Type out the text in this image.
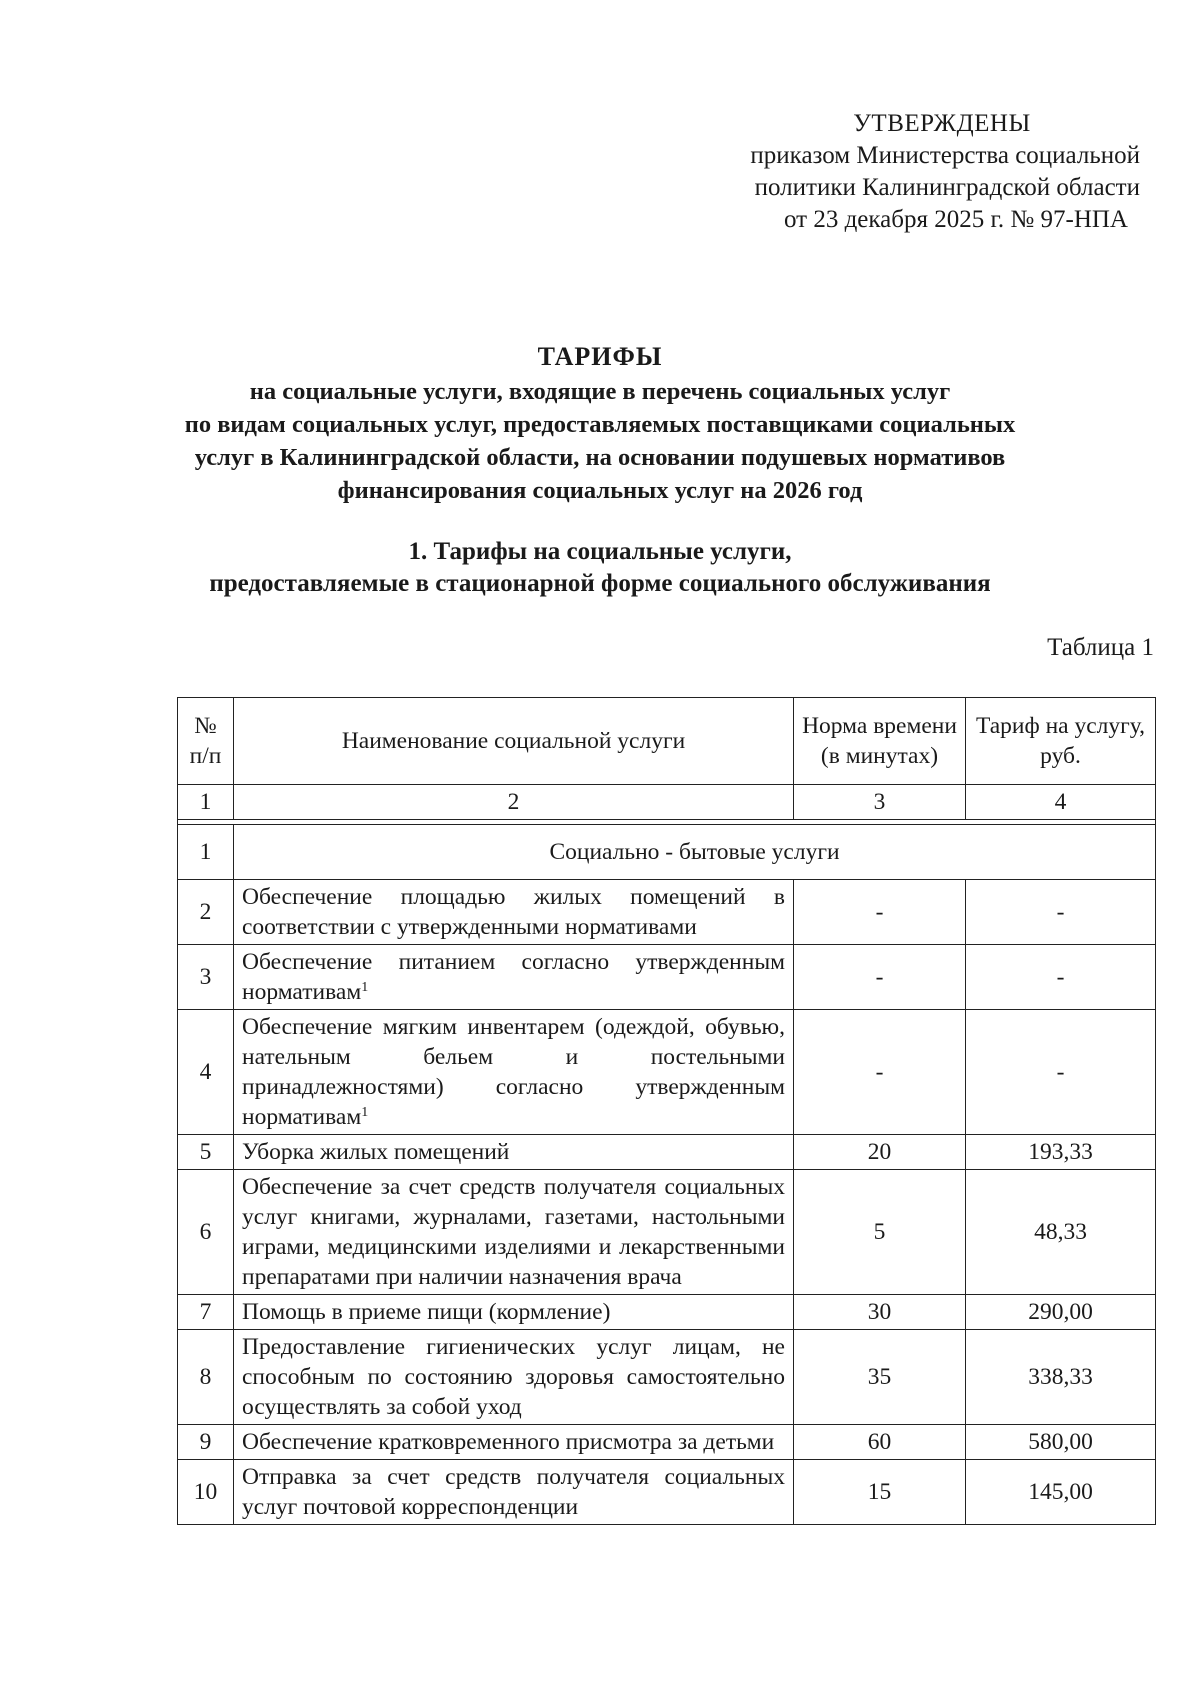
УТВЕРЖДЕНЫ
приказом Министерства социальной
политики Калининградской области
от 23 декабря 2025 г. № 97-НПА
ТАРИФЫ
на социальные услуги, входящие в перечень социальных услуг
по видам социальных услуг, предоставляемых поставщиками социальных
услуг в Калининградской области, на основании подушевых нормативов
финансирования социальных услуг на 2026 год
1. Тарифы на социальные услуги,
предоставляемые в стационарной форме социального обслуживания
Таблица 1
№ п/п	Наименование социальной услуги	Норма времени (в минутах)	Тариф на услугу, руб.
1	2	3	4

1	Социально - бытовые услуги		
2	Обеспечение площадью жилых помещений в соответствии с утвержденными нормативами	-	-
3	Обеспечение питанием согласно утвержденным нормативам$^1$	-	-
4	Обеспечение мягким инвентарем (одеждой, обувью, нательным бельем и постельными принадлежностями) согласно утвержденным нормативам$^1$	-	-
5	Уборка жилых помещений	20	193,33
6	Обеспечение за счет средств получателя социальных услуг книгами, журналами, газетами, настольными играми, медицинскими изделиями и лекарственными препаратами при наличии назначения врача	5	48,33
7	Помощь в приеме пищи (кормление)	30	290,00
8	Предоставление гигиенических услуг лицам, не способным по состоянию здоровья самостоятельно осуществлять за собой уход	35	338,33
9	Обеспечение кратковременного присмотра за детьми	60	580,00
10	Отправка за счет средств получателя социальных услуг почтовой корреспонденции	15	145,00
